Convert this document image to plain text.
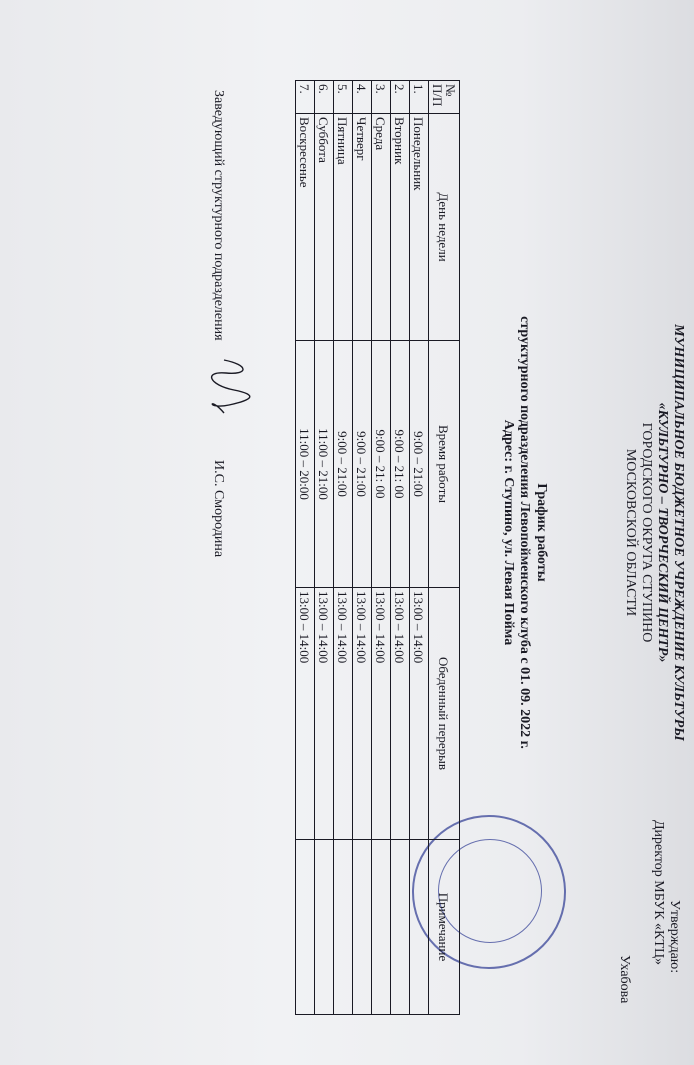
МУНИЦИПАЛЬНОЕ БЮДЖЕТНОЕ УЧРЕЖДЕНИЕ КУЛЬТУРЫ
«КУЛЬТУРНО – ТВОРЧЕСКИЙ ЦЕНТР»
ГОРОДСКОГО ОКРУГА СТУПИНО
МОСКОВСКОЙ ОБЛАСТИ
Утверждаю:
Директор МБУК «КТЦ»
Ухабова
График работы
структурного подразделения Левопойменского клуба с 01. 09. 2022 г.
Адрес: г. Ступино, ул. Левая Пойма
№ П/П	День недели	Время работы	Обеденный перерыв	Примечание
1.	Понедельник	9:00 – 21:00	13:00 – 14:00	
2.	Вторник	9:00 – 21: 00	13:00 – 14:00	
3.	Среда	9:00 – 21: 00	13:00 – 14:00	
4.	Четверг	9:00 – 21:00	13:00 – 14:00	
5.	Пятница	9:00 – 21:00	13:00 – 14:00	
6.	Суббота	11:00 – 21:00	13:00 – 14:00	
7.	Воскресенье	11:00 – 20:00	13:00 – 14:00	
Заведующий структурного подразделения
И.С. Смородина
